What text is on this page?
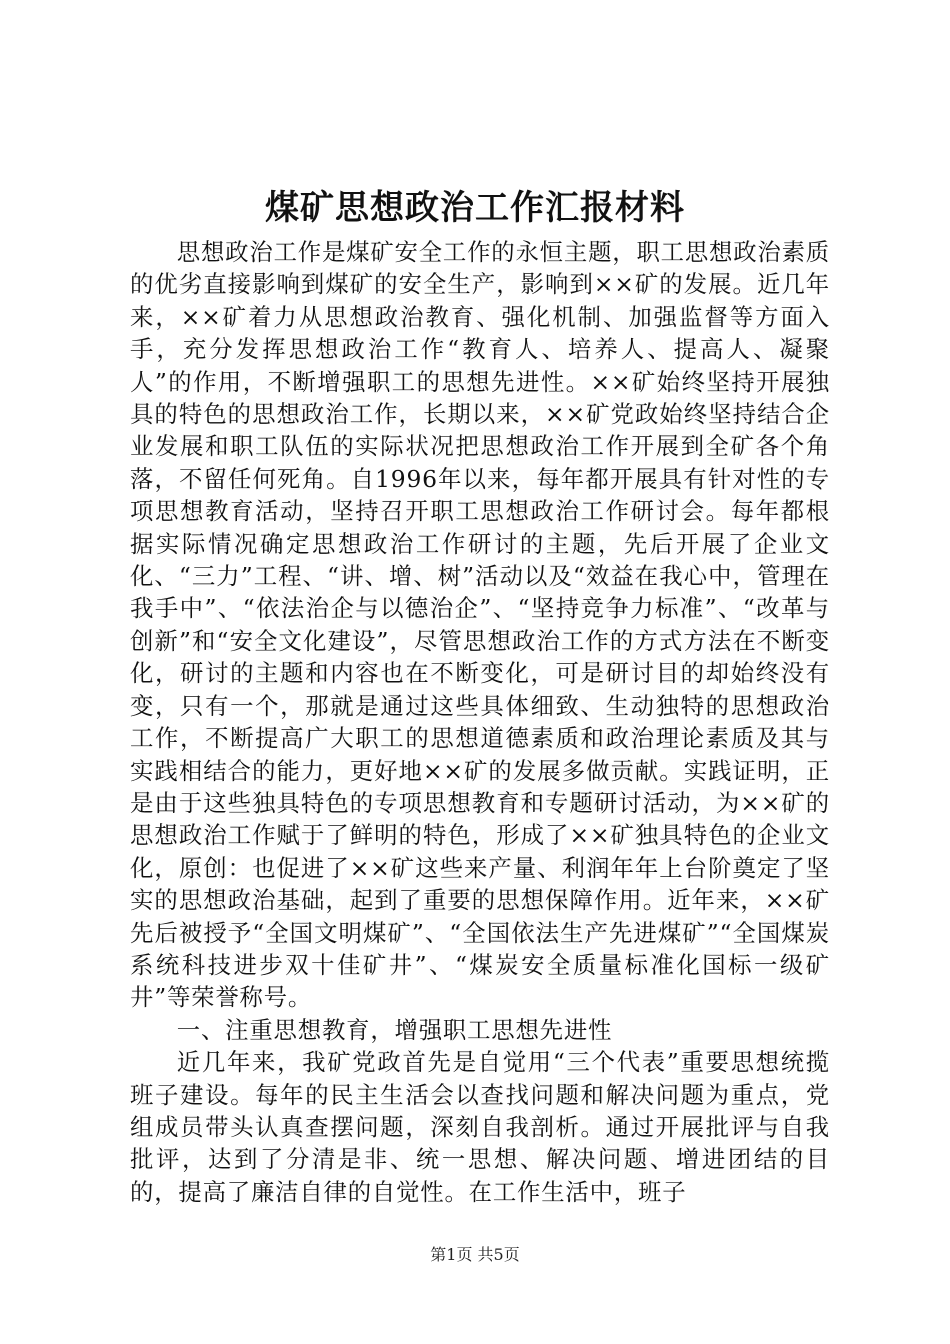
煤矿思想政治工作汇报材料

思想政治工作是煤矿安全工作的永恒主题，职工思想政治素质的优劣直接影响到煤矿的安全生产，影响到××矿的发展。近几年来，××矿着力从思想政治教育、强化机制、加强监督等方面入手，充分发挥思想政治工作“教育人、培养人、提高人、凝聚人”的作用，不断增强职工的思想先进性。××矿始终坚持开展独具的特色的思想政治工作，长期以来，××矿党政始终坚持结合企业发展和职工队伍的实际状况把思想政治工作开展到全矿各个角落，不留任何死角。自1996年以来，每年都开展具有针对性的专项思想教育活动，坚持召开职工思想政治工作研讨会。每年都根据实际情况确定思想政治工作研讨的主题，先后开展了企业文化、“三力”工程、“讲、增、树”活动以及“效益在我心中，管理在我手中”、“依法治企与以德治企”、“坚持竞争力标准”、“改革与创新”和“安全文化建设”，尽管思想政治工作的方式方法在不断变化，研讨的主题和内容也在不断变化，可是研讨目的却始终没有变，只有一个，那就是通过这些具体细致、生动独特的思想政治工作，不断提高广大职工的思想道德素质和政治理论素质及其与实践相结合的能力，更好地××矿的发展多做贡献。实践证明，正是由于这些独具特色的专项思想教育和专题研讨活动，为××矿的思想政治工作赋于了鲜明的特色，形成了××矿独具特色的企业文化，原创：也促进了××矿这些来产量、利润年年上台阶奠定了坚实的思想政治基础，起到了重要的思想保障作用。近年来，××矿先后被授予“全国文明煤矿”、“全国依法生产先进煤矿”“全国煤炭系统科技进步双十佳矿井”、“煤炭安全质量标准化国标一级矿井”等荣誉称号。

一、注重思想教育，增强职工思想先进性

近几年来，我矿党政首先是自觉用“三个代表”重要思想统揽班子建设。每年的民主生活会以查找问题和解决问题为重点，党组成员带头认真查摆问题，深刻自我剖析。通过开展批评与自我批评，达到了分清是非、统一思想、解决问题、增进团结的目的，提高了廉洁自律的自觉性。在工作生活中，班子

第1页 共5页
